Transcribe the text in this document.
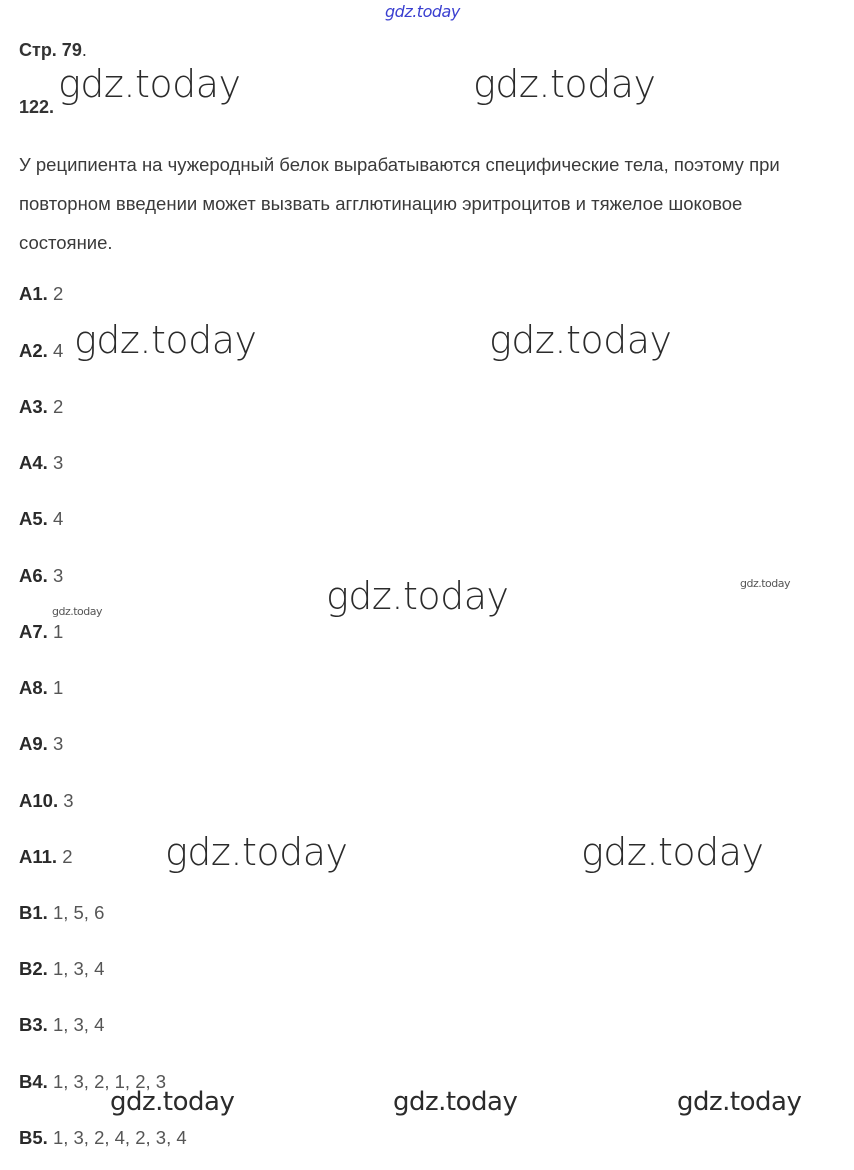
gdz.today
Стр. 79.
122.

У реципиента на чужеродный белок вырабатываются специфические тела, поэтому при повторном введении может вызвать агглютинацию эритроцитов и тяжелое шоковое состояние.

А1. 2
А2. 4
А3. 2
А4. 3
А5. 4
А6. 3
А7. 1
А8. 1
А9. 3
А10. 3
А11. 2
В1. 1, 5, 6
В2. 1, 3, 4
В3. 1, 3, 4
В4. 1, 3, 2, 1, 2, 3
В5. 1, 3, 2, 4, 2, 3, 4
gdz.today	gdz.today
gdz.today	gdz.today
gdz.today	gdz.today
gdz.today
gdz.today	gdz.today
gdz.today	gdz.today	gdz.today
